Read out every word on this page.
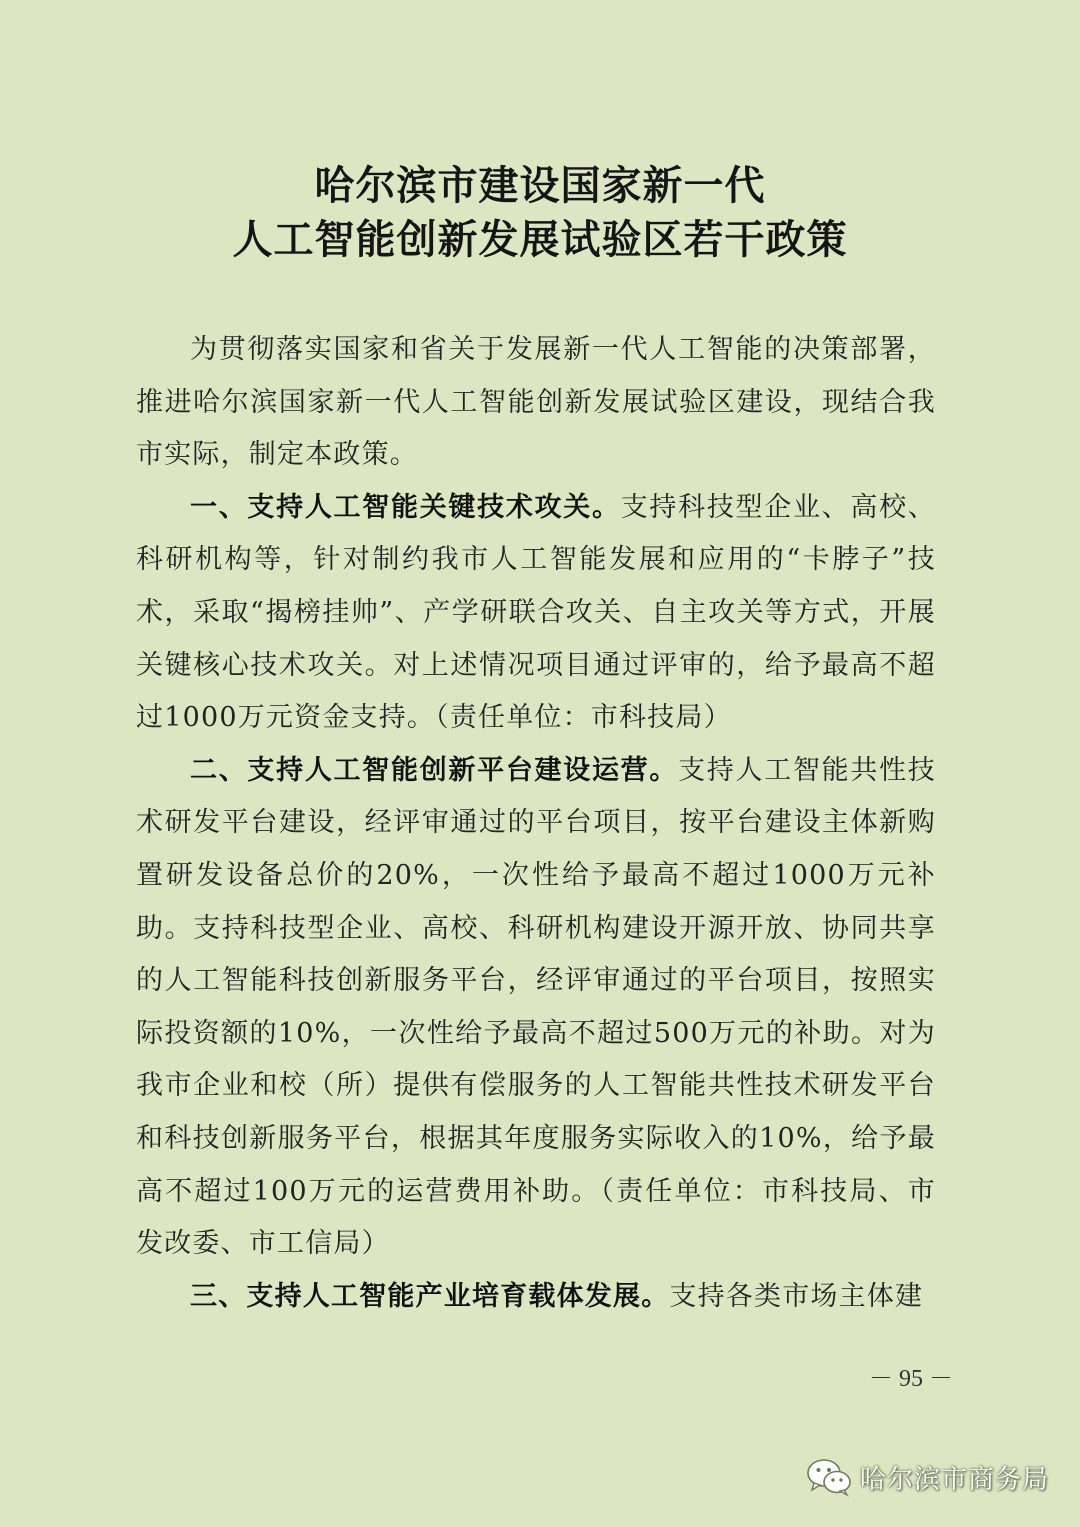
哈尔滨市建设国家新一代
人工智能创新发展试验区若干政策

为贯彻落实国家和省关于发展新一代人工智能的决策部署，推进哈尔滨国家新一代人工智能创新发展试验区建设，现结合我市实际，制定本政策。

一、支持人工智能关键技术攻关。支持科技型企业、高校、科研机构等，针对制约我市人工智能发展和应用的“卡脖子”技术，采取“揭榜挂帅”、产学研联合攻关、自主攻关等方式，开展关键核心技术攻关。对上述情况项目通过评审的，给予最高不超过1000万元资金支持。（责任单位：市科技局）

二、支持人工智能创新平台建设运营。支持人工智能共性技术研发平台建设，经评审通过的平台项目，按平台建设主体新购置研发设备总价的20%，一次性给予最高不超过1000万元补助。支持科技型企业、高校、科研机构建设开源开放、协同共享的人工智能科技创新服务平台，经评审通过的平台项目，按照实际投资额的10%，一次性给予最高不超过500万元的补助。对为我市企业和校（所）提供有偿服务的人工智能共性技术研发平台和科技创新服务平台，根据其年度服务实际收入的10%，给予最高不超过100万元的运营费用补助。（责任单位：市科技局、市发改委、市工信局）

三、支持人工智能产业培育载体发展。支持各类市场主体建

－ 95 －
哈尔滨市商务局
